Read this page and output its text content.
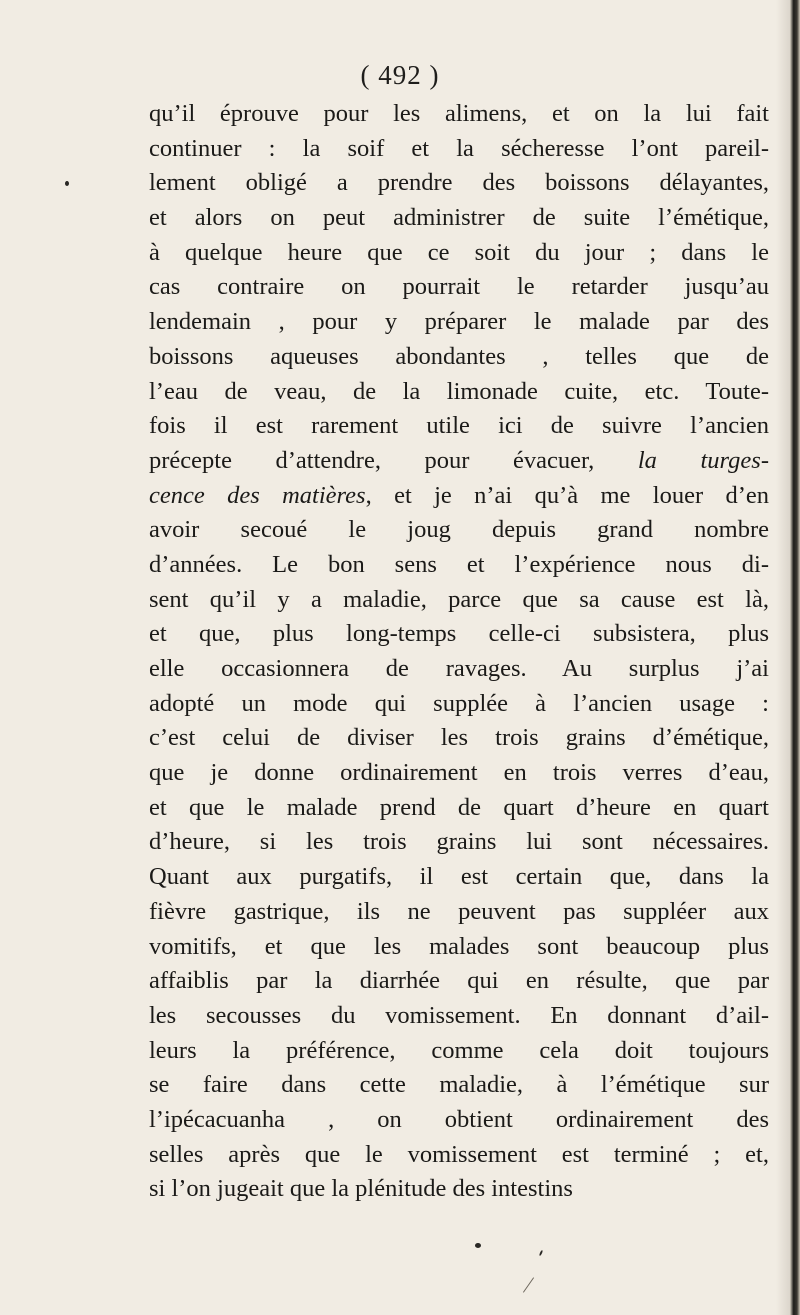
( 492 )
qu’il éprouve pour les alimens, et on la lui fait
continuer : la soif et la sécheresse l’ont pareil-
lement obligé a prendre des boissons délayantes,
et alors on peut administrer de suite l’émétique,
à quelque heure que ce soit du jour ; dans le
cas contraire on pourrait le retarder jusqu’au
lendemain , pour y préparer le malade par des
boissons aqueuses abondantes , telles que de
l’eau de veau, de la limonade cuite, etc. Toute-
fois il est rarement utile ici de suivre l’ancien
précepte d’attendre, pour évacuer, la turges-
cence des matières, et je n’ai qu’à me louer d’en
avoir secoué le joug depuis grand nombre
d’années. Le bon sens et l’expérience nous di-
sent qu’il y a maladie, parce que sa cause est là,
et que, plus long-temps celle-ci subsistera, plus
elle occasionnera de ravages. Au surplus j’ai
adopté un mode qui supplée à l’ancien usage :
c’est celui de diviser les trois grains d’émétique,
que je donne ordinairement en trois verres d’eau,
et que le malade prend de quart d’heure en quart
d’heure, si les trois grains lui sont nécessaires.
Quant aux purgatifs, il est certain que, dans la
fièvre gastrique, ils ne peuvent pas suppléer aux
vomitifs, et que les malades sont beaucoup plus
affaiblis par la diarrhée qui en résulte, que par
les secousses du vomissement. En donnant d’ail-
leurs la préférence, comme cela doit toujours
se faire dans cette maladie, à l’émétique sur
l’ipécacuanha , on obtient ordinairement des
selles après que le vomissement est terminé ; et,
si l’on jugeait que la plénitude des intestins
